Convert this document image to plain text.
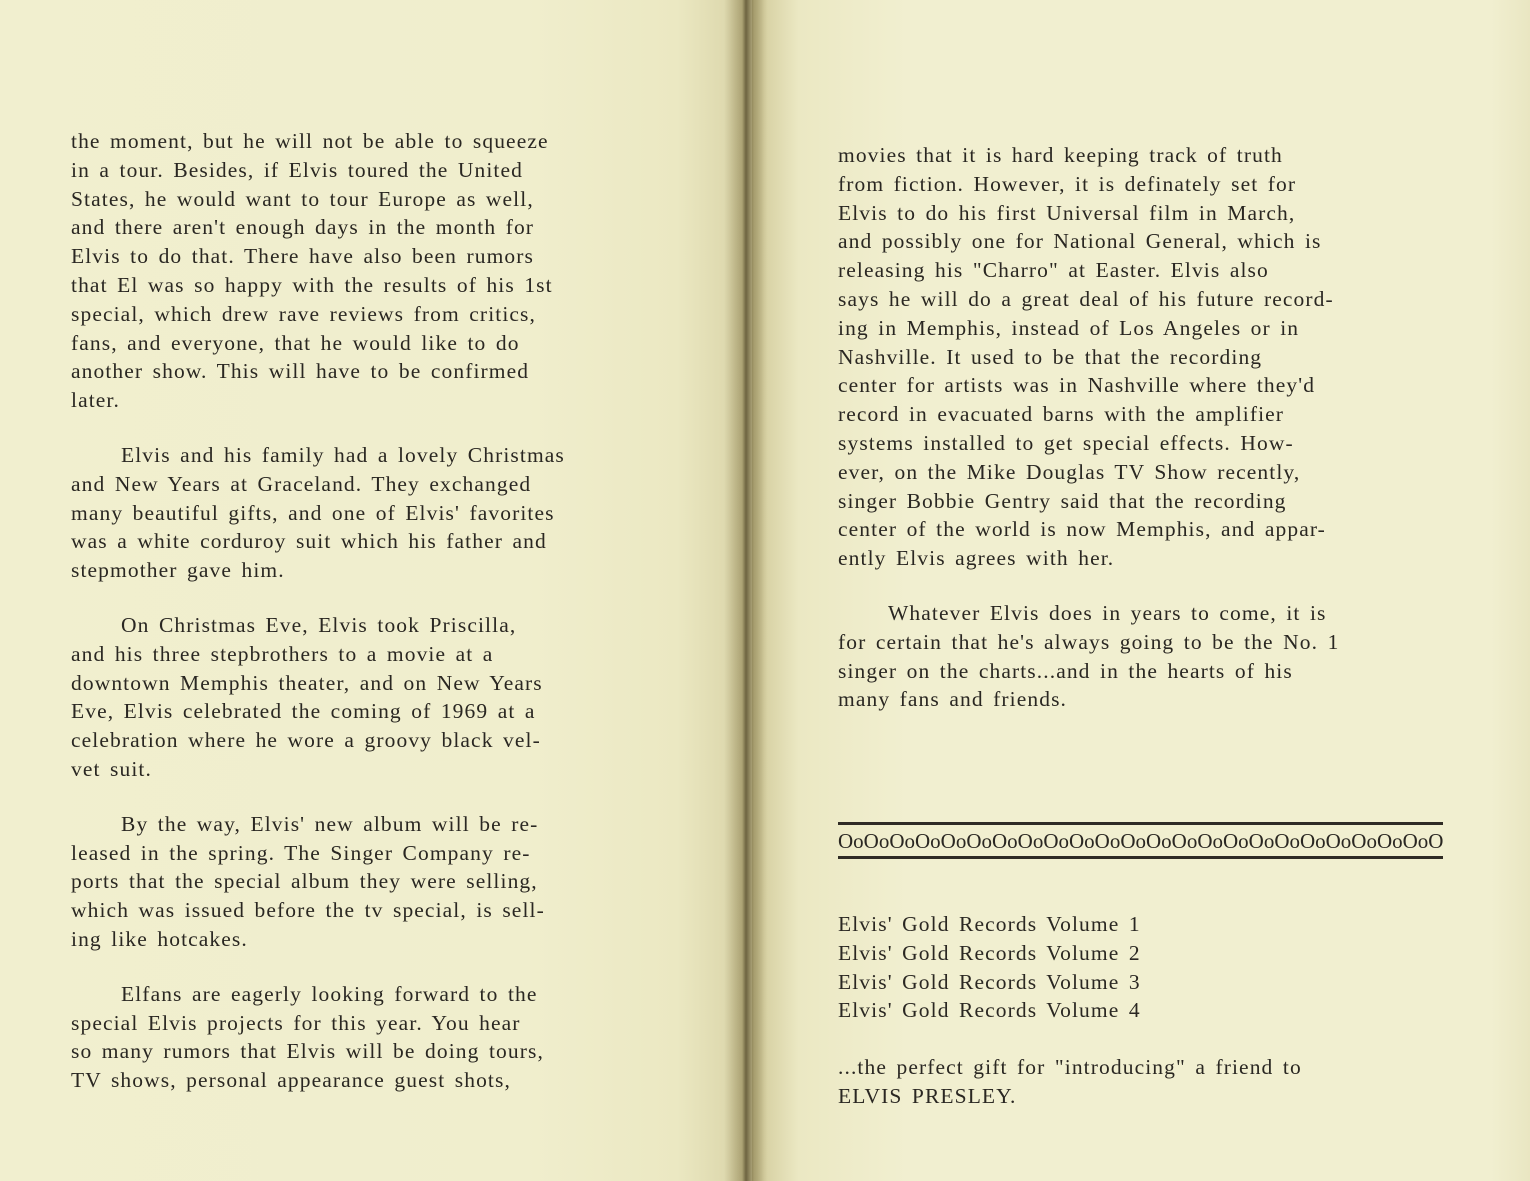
the moment, but he will not be able to squeeze
in a tour. Besides, if Elvis toured the United
States, he would want to tour Europe as well,
and there aren't enough days in the month for
Elvis to do that. There have also been rumors
that El was so happy with the results of his 1st
special, which drew rave reviews from critics,
fans, and everyone, that he would like to do
another show. This will have to be confirmed
later.

Elvis and his family had a lovely Christmas
and New Years at Graceland. They exchanged
many beautiful gifts, and one of Elvis' favorites
was a white corduroy suit which his father and
stepmother gave him.

On Christmas Eve, Elvis took Priscilla,
and his three stepbrothers to a movie at a
downtown Memphis theater, and on New Years
Eve, Elvis celebrated the coming of 1969 at a
celebration where he wore a groovy black vel-
vet suit.

By the way, Elvis' new album will be re-
leased in the spring. The Singer Company re-
ports that the special album they were selling,
which was issued before the tv special, is sell-
ing like hotcakes.

Elfans are eagerly looking forward to the
special Elvis projects for this year. You hear
so many rumors that Elvis will be doing tours,
TV shows, personal appearance guest shots,

movies that it is hard keeping track of truth
from fiction. However, it is definately set for
Elvis to do his first Universal film in March,
and possibly one for National General, which is
releasing his "Charro" at Easter. Elvis also
says he will do a great deal of his future record-
ing in Memphis, instead of Los Angeles or in
Nashville. It used to be that the recording
center for artists was in Nashville where they'd
record in evacuated barns with the amplifier
systems installed to get special effects. How-
ever, on the Mike Douglas TV Show recently,
singer Bobbie Gentry said that the recording
center of the world is now Memphis, and appar-
ently Elvis agrees with her.

Whatever Elvis does in years to come, it is
for certain that he's always going to be the No. 1
singer on the charts...and in the hearts of his
many fans and friends.

OoOoOoOoOoOoOoOoOoOoOoOoOoOoOoOoOoOoOoOoOoOoOoO
Elvis' Gold Records Volume 1
Elvis' Gold Records Volume 2
Elvis' Gold Records Volume 3
Elvis' Gold Records Volume 4

...the perfect gift for "introducing" a friend to
ELVIS PRESLEY.
